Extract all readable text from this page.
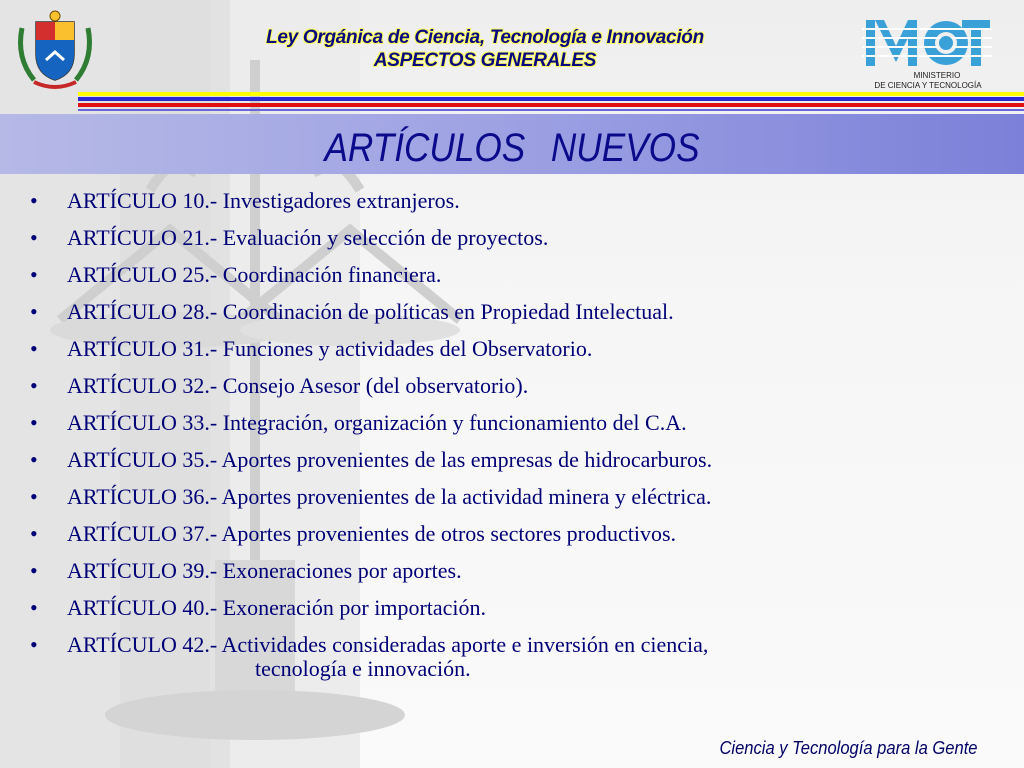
Ley Orgánica de Ciencia, Tecnología e Innovación
ASPECTOS GENERALES
MINISTERIO
DE CIENCIA Y TECNOLOGÍA
ARTÍCULOS NUEVOS
• ARTÍCULO 10.- Investigadores extranjeros.
• ARTÍCULO 21.- Evaluación y selección de proyectos.
• ARTÍCULO 25.- Coordinación financiera.
• ARTÍCULO 28.- Coordinación de políticas en Propiedad Intelectual.
• ARTÍCULO 31.- Funciones y actividades del Observatorio.
• ARTÍCULO 32.- Consejo Asesor (del observatorio).
• ARTÍCULO 33.- Integración, organización y funcionamiento del C.A.
• ARTÍCULO 35.- Aportes provenientes de las empresas de hidrocarburos.
• ARTÍCULO 36.- Aportes provenientes de la actividad minera y eléctrica.
• ARTÍCULO 37.- Aportes provenientes de otros sectores productivos.
• ARTÍCULO 39.- Exoneraciones por aportes.
• ARTÍCULO 40.- Exoneración por importación.
• ARTÍCULO 42.- Actividades consideradas aporte e inversión en ciencia,
tecnología e innovación.
Ciencia y Tecnología para la Gente
